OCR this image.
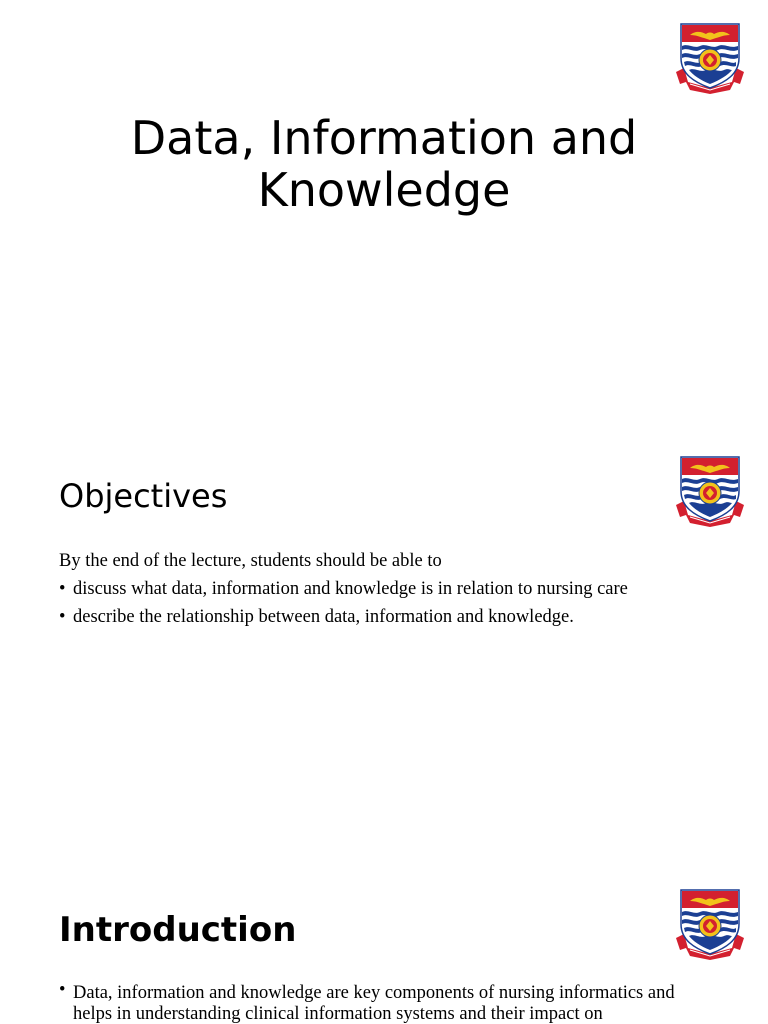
Data, Information and Knowledge
Objectives

By the end of the lecture, students should be able to

• discuss what data, information and knowledge is in relation to nursing care
• describe the relationship between data, information and knowledge.
Introduction
• Data, information and knowledge are key components of nursing informatics and helps in understanding clinical information systems and their impact on
